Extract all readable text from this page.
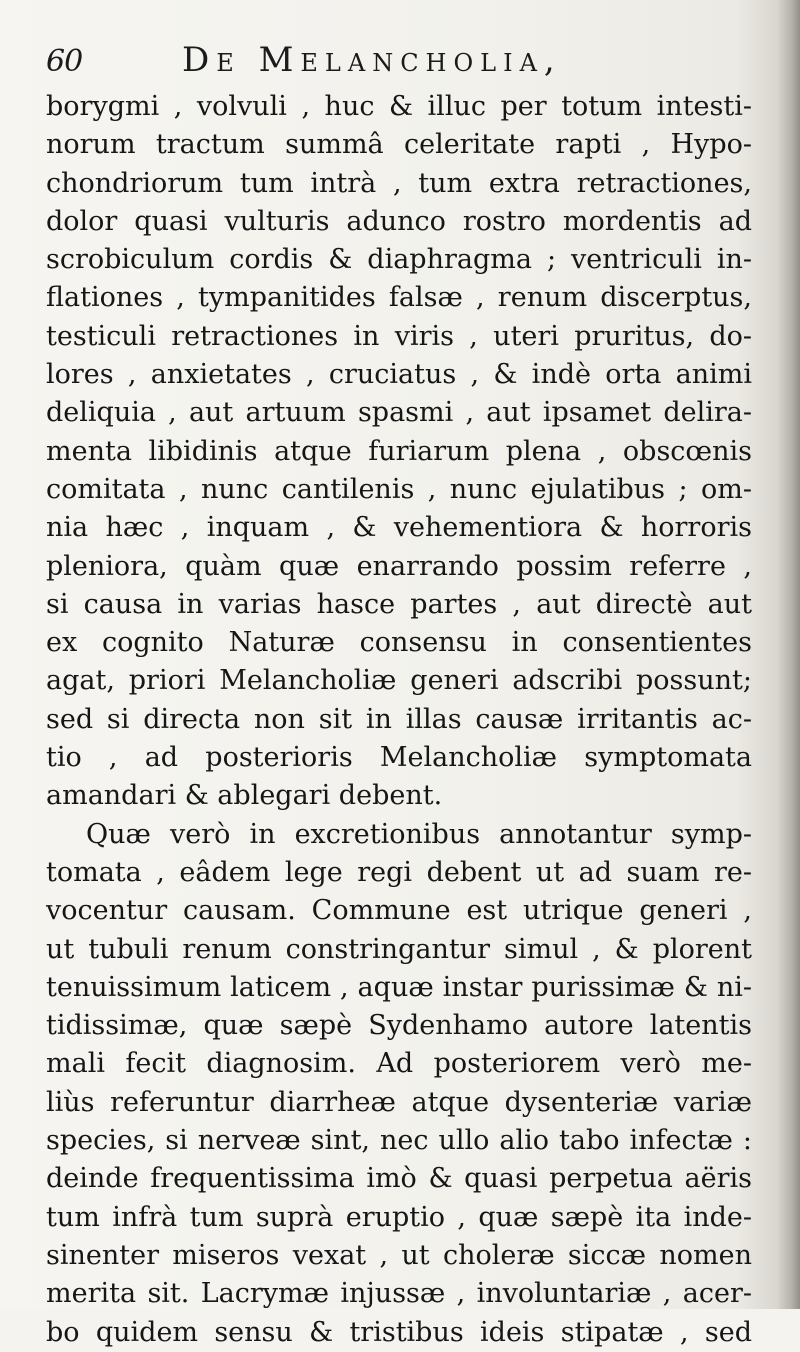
60	De Melancholia,
borygmi , volvuli , huc & illuc per totum intesti-
norum tractum summâ celeritate rapti , Hypo-
chondriorum tum intrà , tum extra retractiones,
dolor quasi vulturis adunco rostro mordentis ad
scrobiculum cordis & diaphragma ; ventriculi in-
flationes , tympanitides falsæ , renum discerptus,
testiculi retractiones in viris , uteri pruritus, do-
lores , anxietates , cruciatus , & indè orta animi
deliquia , aut artuum spasmi , aut ipsamet delira-
menta libidinis atque furiarum plena , obscœnis
comitata , nunc cantilenis , nunc ejulatibus ; om-
nia hæc , inquam , & vehementiora & horroris
pleniora, quàm quæ enarrando possim referre ,
si causa in varias hasce partes , aut directè aut
ex cognito Naturæ consensu in consentientes
agat, priori Melancholiæ generi adscribi possunt;
sed si directa non sit in illas causæ irritantis ac-
tio , ad posterioris Melancholiæ symptomata
amandari & ablegari debent.
Quæ verò in excretionibus annotantur symp-
tomata , eâdem lege regi debent ut ad suam re-
vocentur causam. Commune est utrique generi ,
ut tubuli renum constringantur simul , & plorent
tenuissimum laticem , aquæ instar purissimæ & ni-
tidissimæ, quæ sæpè Sydenhamo autore latentis
mali fecit diagnosim. Ad posteriorem verò me-
liùs referuntur diarrheæ atque dysenteriæ variæ
species, si nerveæ sint, nec ullo alio tabo infectæ :
deinde frequentissima imò & quasi perpetua aëris
tum infrà tum suprà eruptio , quæ sæpè ita inde-
sinenter miseros vexat , ut choleræ siccæ nomen
merita sit. Lacrymæ injussæ , involuntariæ , acer-
bo quidem sensu & tristibus ideis stipatæ , sed
